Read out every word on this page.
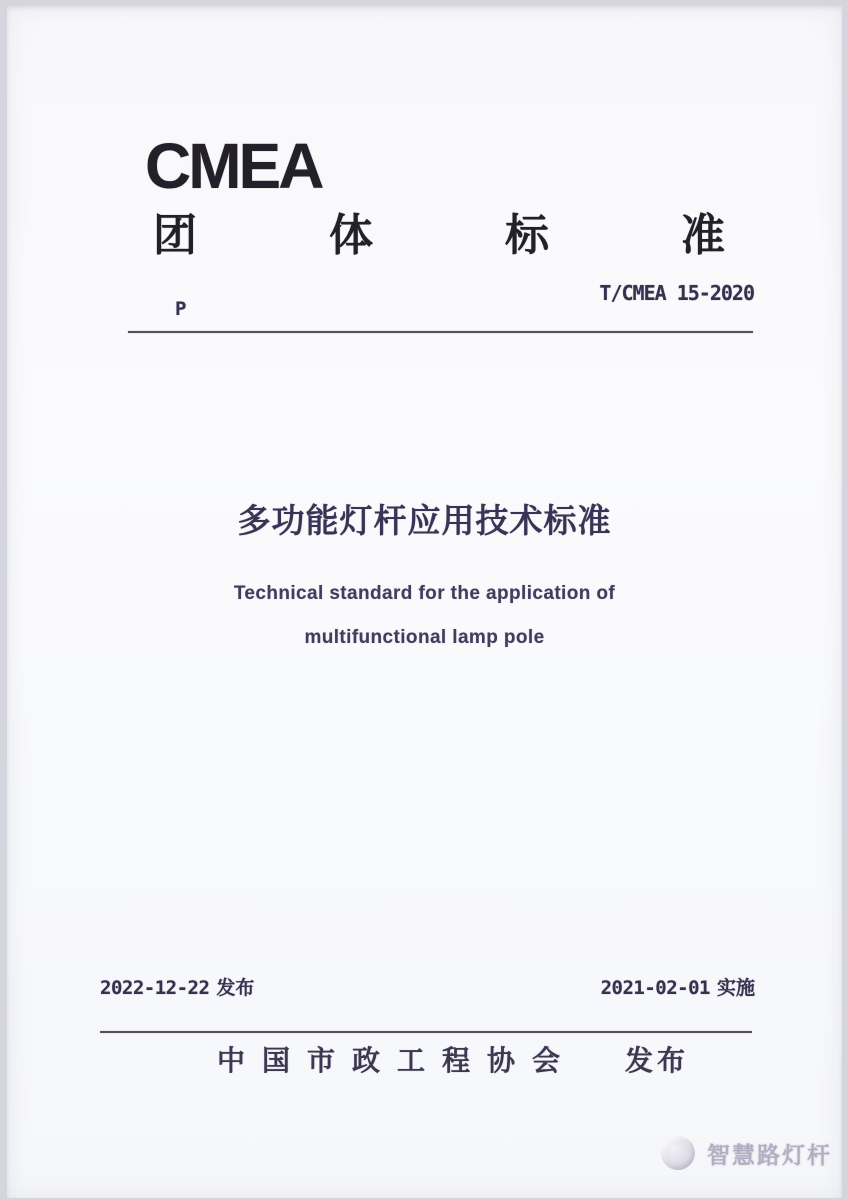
CMEA
团	体	标	准
T/CMEA 15-2020
P
多功能灯杆应用技术标准
Technical standard for the application of
multifunctional lamp pole
2022-12-22 发布	2021-02-01 实施
中国市政工程协会 发布
智慧路灯杆
